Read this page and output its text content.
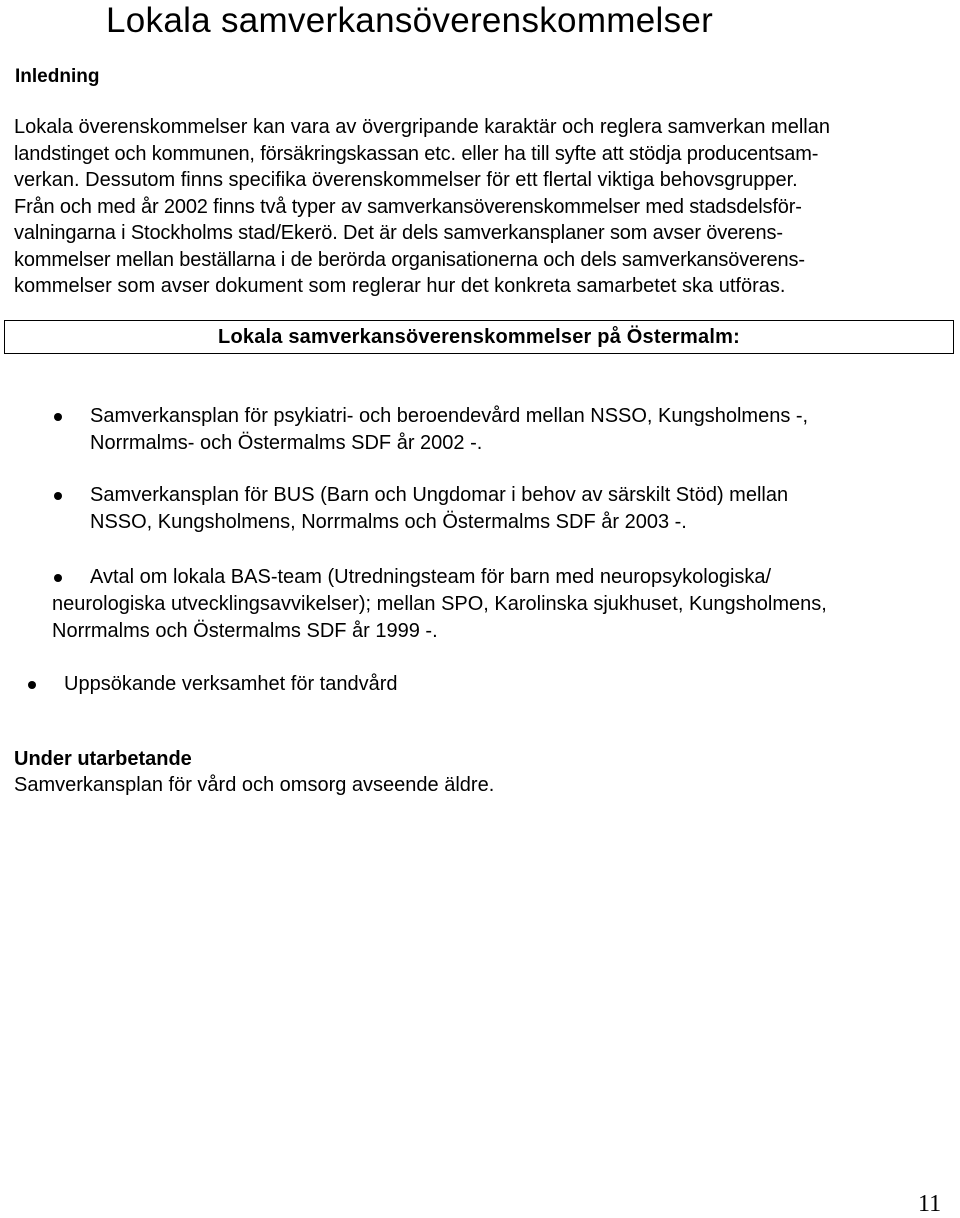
Lokala samverkansöverenskommelser
Inledning
Lokala överenskommelser kan vara av övergripande karaktär och reglera samverkan mellan
landstinget och kommunen, försäkringskassan etc. eller ha till syfte att stödja producentsam-
verkan. Dessutom finns specifika överenskommelser för ett flertal viktiga behovsgrupper.
Från och med år 2002 finns två typer av samverkansöverenskommelser med stadsdelsför-
valningarna i Stockholms stad/Ekerö. Det är dels samverkansplaner som avser överens-
kommelser mellan beställarna i de berörda organisationerna och dels samverkansöverens-
kommelser som avser dokument som reglerar hur det konkreta samarbetet ska utföras.
Lokala samverkansöverenskommelser på Östermalm:
Samverkansplan för psykiatri- och beroendevård mellan NSSO, Kungsholmens -,
Norrmalms- och Östermalms SDF år 2002 -.
Samverkansplan för BUS (Barn och Ungdomar i behov av särskilt Stöd) mellan
NSSO, Kungsholmens, Norrmalms och Östermalms SDF år 2003 -.
Avtal om lokala BAS-team (Utredningsteam för barn med neuropsykologiska/
neurologiska utvecklingsavvikelser); mellan SPO, Karolinska sjukhuset, Kungsholmens,
Norrmalms och Östermalms SDF år 1999 -.
Uppsökande verksamhet för tandvård
Under utarbetande
Samverkansplan för vård och omsorg avseende äldre.
11
